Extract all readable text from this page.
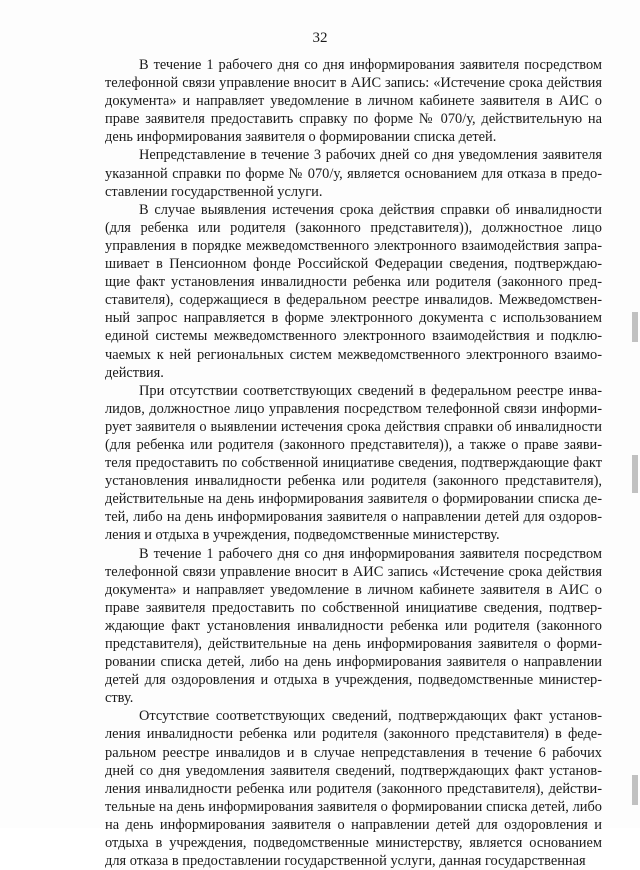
32

В течение 1 рабочего дня со дня информирования заявителя посредством телефонной связи управление вносит в АИС запись: «Истечение срока действия документа» и направляет уведомление в личном кабинете заявителя в АИС о праве заявителя предоставить справку по форме № 070/у, действительную на день информирования заявителя о формировании списка детей.

Непредставление в течение 3 рабочих дней со дня уведомления заявителя указанной справки по форме № 070/у, является основанием для отказа в предоставлении государственной услуги.

В случае выявления истечения срока действия справки об инвалидности (для ребенка или родителя (законного представителя)), должностное лицо управления в порядке межведомственного электронного взаимодействия запрашивает в Пенсионном фонде Российской Федерации сведения, подтверждающие факт установления инвалидности ребенка или родителя (законного представителя), содержащиеся в федеральном реестре инвалидов. Межведомственный запрос направляется в форме электронного документа с использованием единой системы межведомственного электронного взаимодействия и подключаемых к ней региональных систем межведомственного электронного взаимодействия.

При отсутствии соответствующих сведений в федеральном реестре инвалидов, должностное лицо управления посредством телефонной связи информирует заявителя о выявлении истечения срока действия справки об инвалидности (для ребенка или родителя (законного представителя)), а также о праве заявителя предоставить по собственной инициативе сведения, подтверждающие факт установления инвалидности ребенка или родителя (законного представителя), действительные на день информирования заявителя о формировании списка детей, либо на день информирования заявителя о направлении детей для оздоровления и отдыха в учреждения, подведомственные министерству.

В течение 1 рабочего дня со дня информирования заявителя посредством телефонной связи управление вносит в АИС запись «Истечение срока действия документа» и направляет уведомление в личном кабинете заявителя в АИС о праве заявителя предоставить по собственной инициативе сведения, подтверждающие факт установления инвалидности ребенка или родителя (законного представителя), действительные на день информирования заявителя о формировании списка детей, либо на день информирования заявителя о направлении детей для оздоровления и отдыха в учреждения, подведомственные министерству.

Отсутствие соответствующих сведений, подтверждающих факт установления инвалидности ребенка или родителя (законного представителя) в федеральном реестре инвалидов и в случае непредставления в течение 6 рабочих дней со дня уведомления заявителя сведений, подтверждающих факт установления инвалидности ребенка или родителя (законного представителя), действительные на день информирования заявителя о формировании списка детей, либо на день информирования заявителя о направлении детей для оздоровления и отдыха в учреждения, подведомственные министерству, является основанием для отказа в предоставлении государственной услуги, данная государственная
